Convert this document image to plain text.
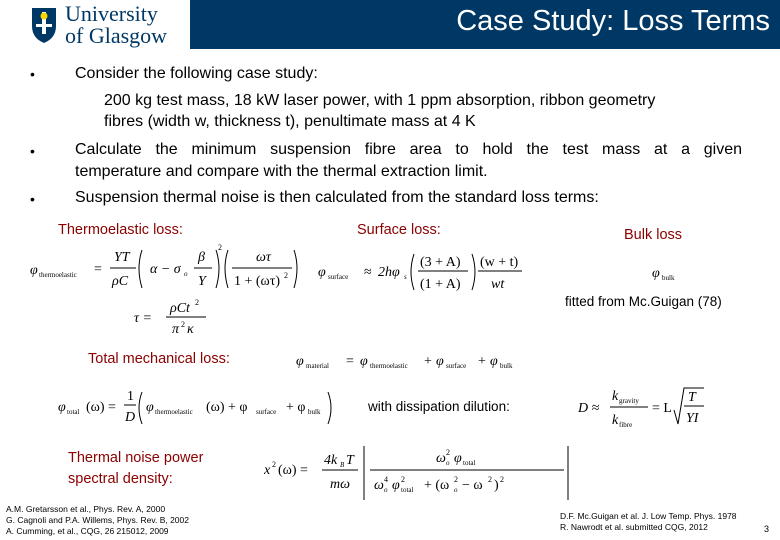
University
of Glasgow	Case Study: Loss Terms
•	Consider the following case study:
200 kg test mass, 18 kW laser power, with 1 ppm absorption, ribbon geometry
fibres (width w, thickness t), penultimate mass at 4 K
•	Calculate the minimum suspension fibre area to hold the test mass at a given
temperature and compare with the thermal extraction limit.
•	Suspension thermal noise is then calculated from the standard loss terms:
Thermoelastic loss:	Surface loss:	Bulk loss
fitted from Mc.Guigan (78)
Total mechanical loss:
with dissipation dilution:
Thermal noise power
spectral density:
φ thermoelastic =
YT
ρC
α − σ o
β
Y
2
ωτ
1 + (ωτ) 2
τ =
ρCt 2
π 2 κ
φ surface ≈ 2hφ s
(3 + A)
(1 + A)
(w + t)
wt
φ bulk
φ material = φ thermoelastic + φ surface + φ bulk
φ total (ω) =
1
D
φ thermoelastic (ω) + φ surface + φ bulk	D ≈
k gravity
k fibre
= L
T
YI
x 2 (ω) =
4k B T
mω
ω o
2 φ total
ω o
4 φ total
2 + (ω o
2 − ω 2 ) 2
A.M. Gretarsson et al., Phys. Rev. A, 2000
G. Cagnoli and P.A. Willems, Phys. Rev. B, 2002
A. Cumming, et al., CQG, 26 215012, 2009
D.F. Mc.Guigan et al. J. Low Temp. Phys. 1978
R. Nawrodt et al. submitted CQG, 2012	3
